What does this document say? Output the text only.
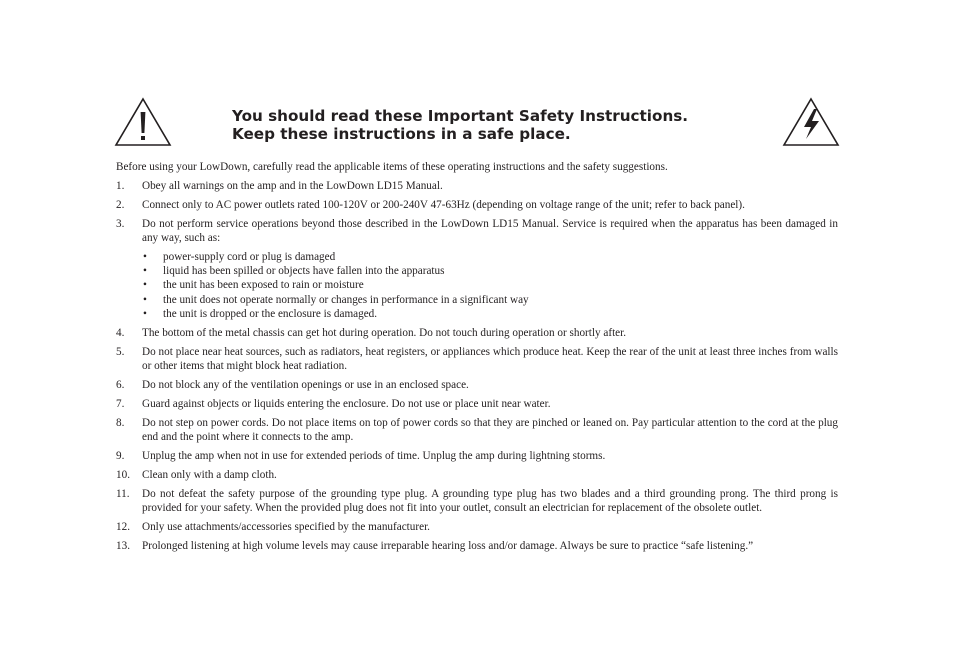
You should read these Important Safety Instructions.
Keep these instructions in a safe place.

Before using your LowDown, carefully read the applicable items of these operating instructions and the safety suggestions.

1. Obey all warnings on the amp and in the LowDown LD15 Manual.
2. Connect only to AC power outlets rated 100-120V or 200-240V 47-63Hz (depending on voltage range of the unit; refer to back panel).
3. Do not perform service operations beyond those described in the LowDown LD15 Manual. Service is required when the apparatus has been damaged in any way, such as:
• power-supply cord or plug is damaged
• liquid has been spilled or objects have fallen into the apparatus
• the unit has been exposed to rain or moisture
• the unit does not operate normally or changes in performance in a significant way
• the unit is dropped or the enclosure is damaged.
4. The bottom of the metal chassis can get hot during operation. Do not touch during operation or shortly after.
5. Do not place near heat sources, such as radiators, heat registers, or appliances which produce heat. Keep the rear of the unit at least three inches from walls or other items that might block heat radiation.
6. Do not block any of the ventilation openings or use in an enclosed space.
7. Guard against objects or liquids entering the enclosure. Do not use or place unit near water.
8. Do not step on power cords. Do not place items on top of power cords so that they are pinched or leaned on. Pay particular attention to the cord at the plug end and the point where it connects to the amp.
9. Unplug the amp when not in use for extended periods of time. Unplug the amp during lightning storms.
10. Clean only with a damp cloth.
11. Do not defeat the safety purpose of the grounding type plug. A grounding type plug has two blades and a third grounding prong. The third prong is provided for your safety. When the provided plug does not fit into your outlet, consult an electrician for replacement of the obsolete outlet.
12. Only use attachments/accessories specified by the manufacturer.
13. Prolonged listening at high volume levels may cause irreparable hearing loss and/or damage. Always be sure to practice “safe listening.”
